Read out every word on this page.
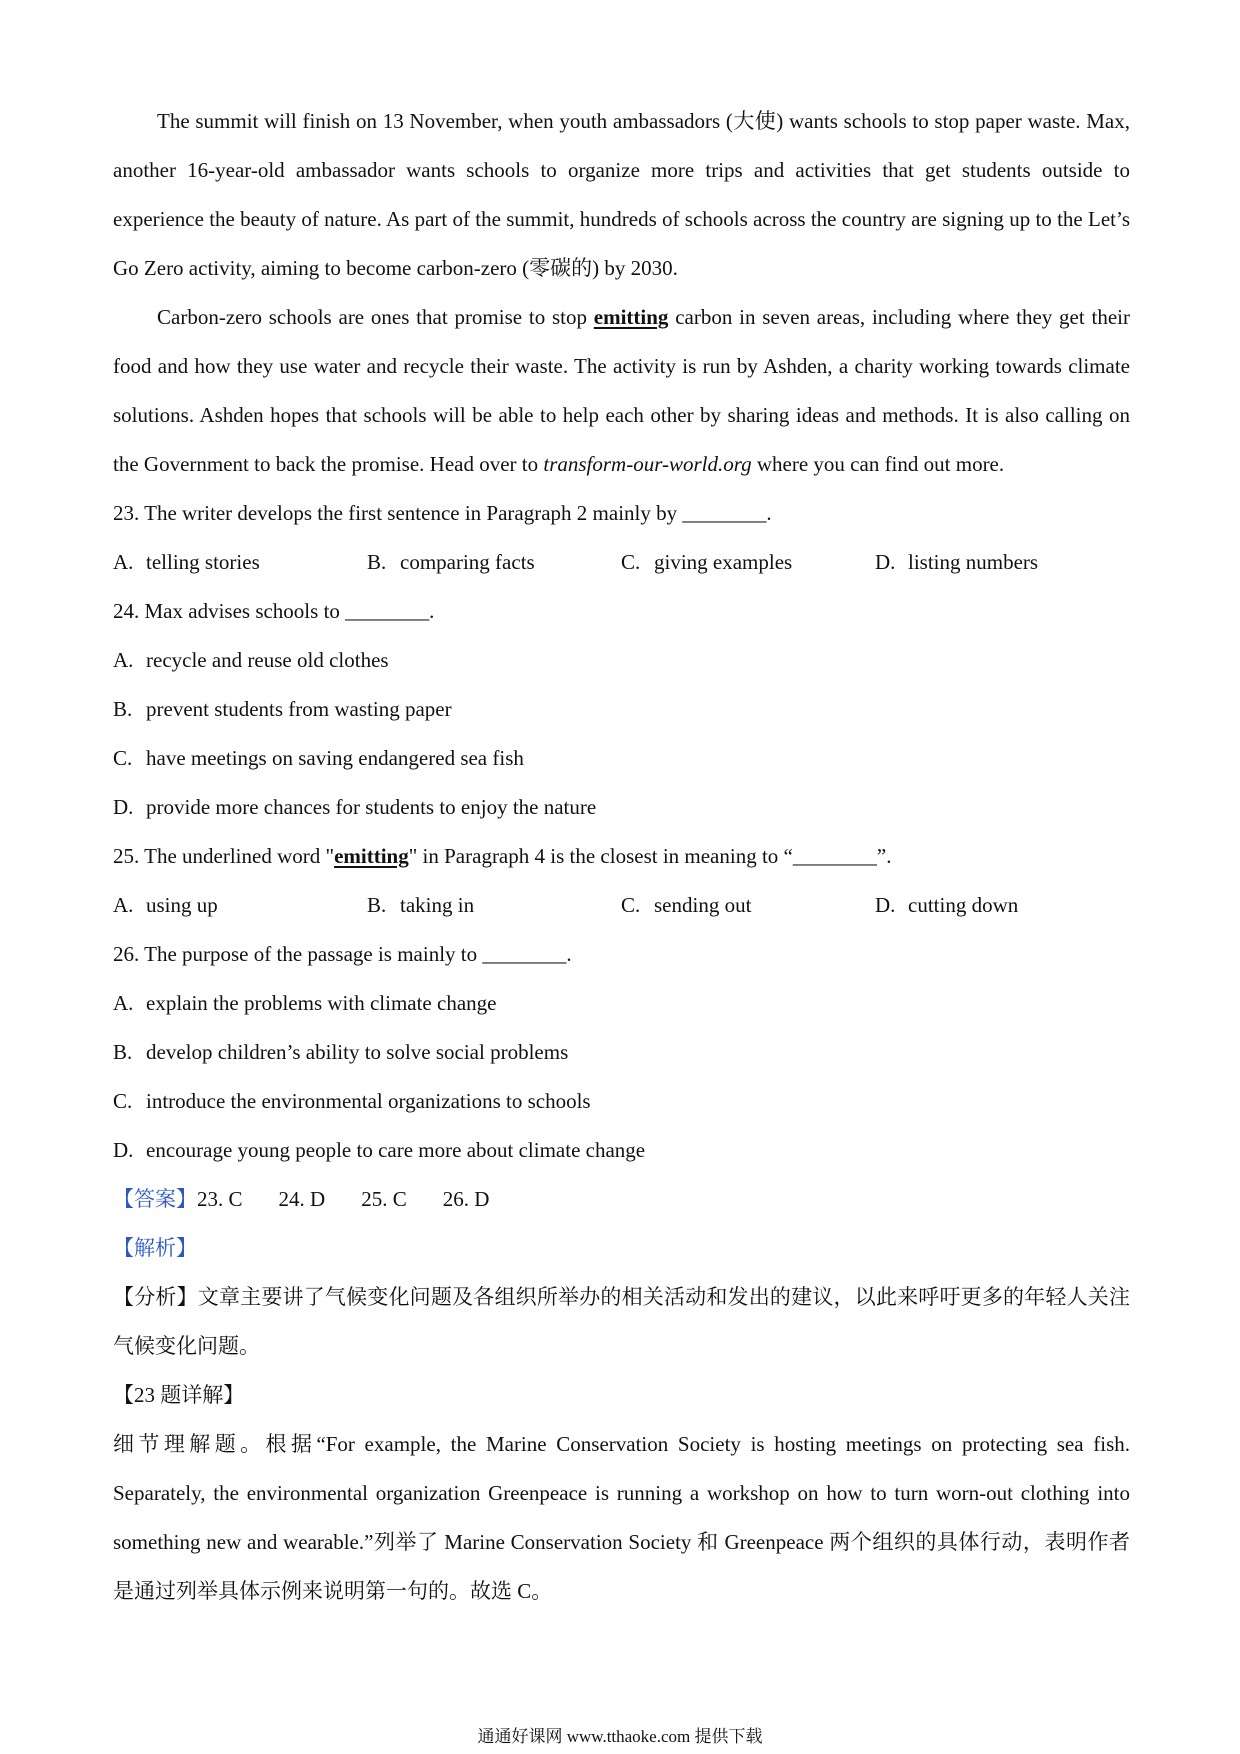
The summit will finish on 13 November, when youth ambassadors (大使) wants schools to stop paper waste. Max, another 16-year-old ambassador wants schools to organize more trips and activities that get students outside to experience the beauty of nature. As part of the summit, hundreds of schools across the country are signing up to the Let’s Go Zero activity, aiming to become carbon-zero (零碳的) by 2030.

Carbon-zero schools are ones that promise to stop emitting carbon in seven areas, including where they get their food and how they use water and recycle their waste. The activity is run by Ashden, a charity working towards climate solutions. Ashden hopes that schools will be able to help each other by sharing ideas and methods. It is also calling on the Government to back the promise. Head over to transform-our-world.org where you can find out more.

23. The writer develops the first sentence in Paragraph 2 mainly by ________.

A. telling stories	B. comparing facts	C. giving examples	D. listing numbers

24. Max advises schools to ________.

A. recycle and reuse old clothes

B. prevent students from wasting paper

C. have meetings on saving endangered sea fish

D. provide more chances for students to enjoy the nature

25. The underlined word "emitting" in Paragraph 4 is the closest in meaning to “________”.

A. using up	B. taking in	C. sending out	D. cutting down

26. The purpose of the passage is mainly to ________.

A. explain the problems with climate change

B. develop children’s ability to solve social problems

C. introduce the environmental organizations to schools

D. encourage young people to care more about climate change

【答案】23. C 24. D 25. C 26. D

【解析】

【分析】文章主要讲了气候变化问题及各组织所举办的相关活动和发出的建议，以此来呼吁更多的年轻人关注气候变化问题。

【23 题详解】

细节理解题。根据“For example, the Marine Conservation Society is hosting meetings on protecting sea fish. Separately, the environmental organization Greenpeace is running a workshop on how to turn worn-out clothing into something new and wearable.”列举了 Marine Conservation Society 和 Greenpeace 两个组织的具体行动，表明作者是通过列举具体示例来说明第一句的。故选 C。

通通好课网 www.tthaoke.com 提供下载
